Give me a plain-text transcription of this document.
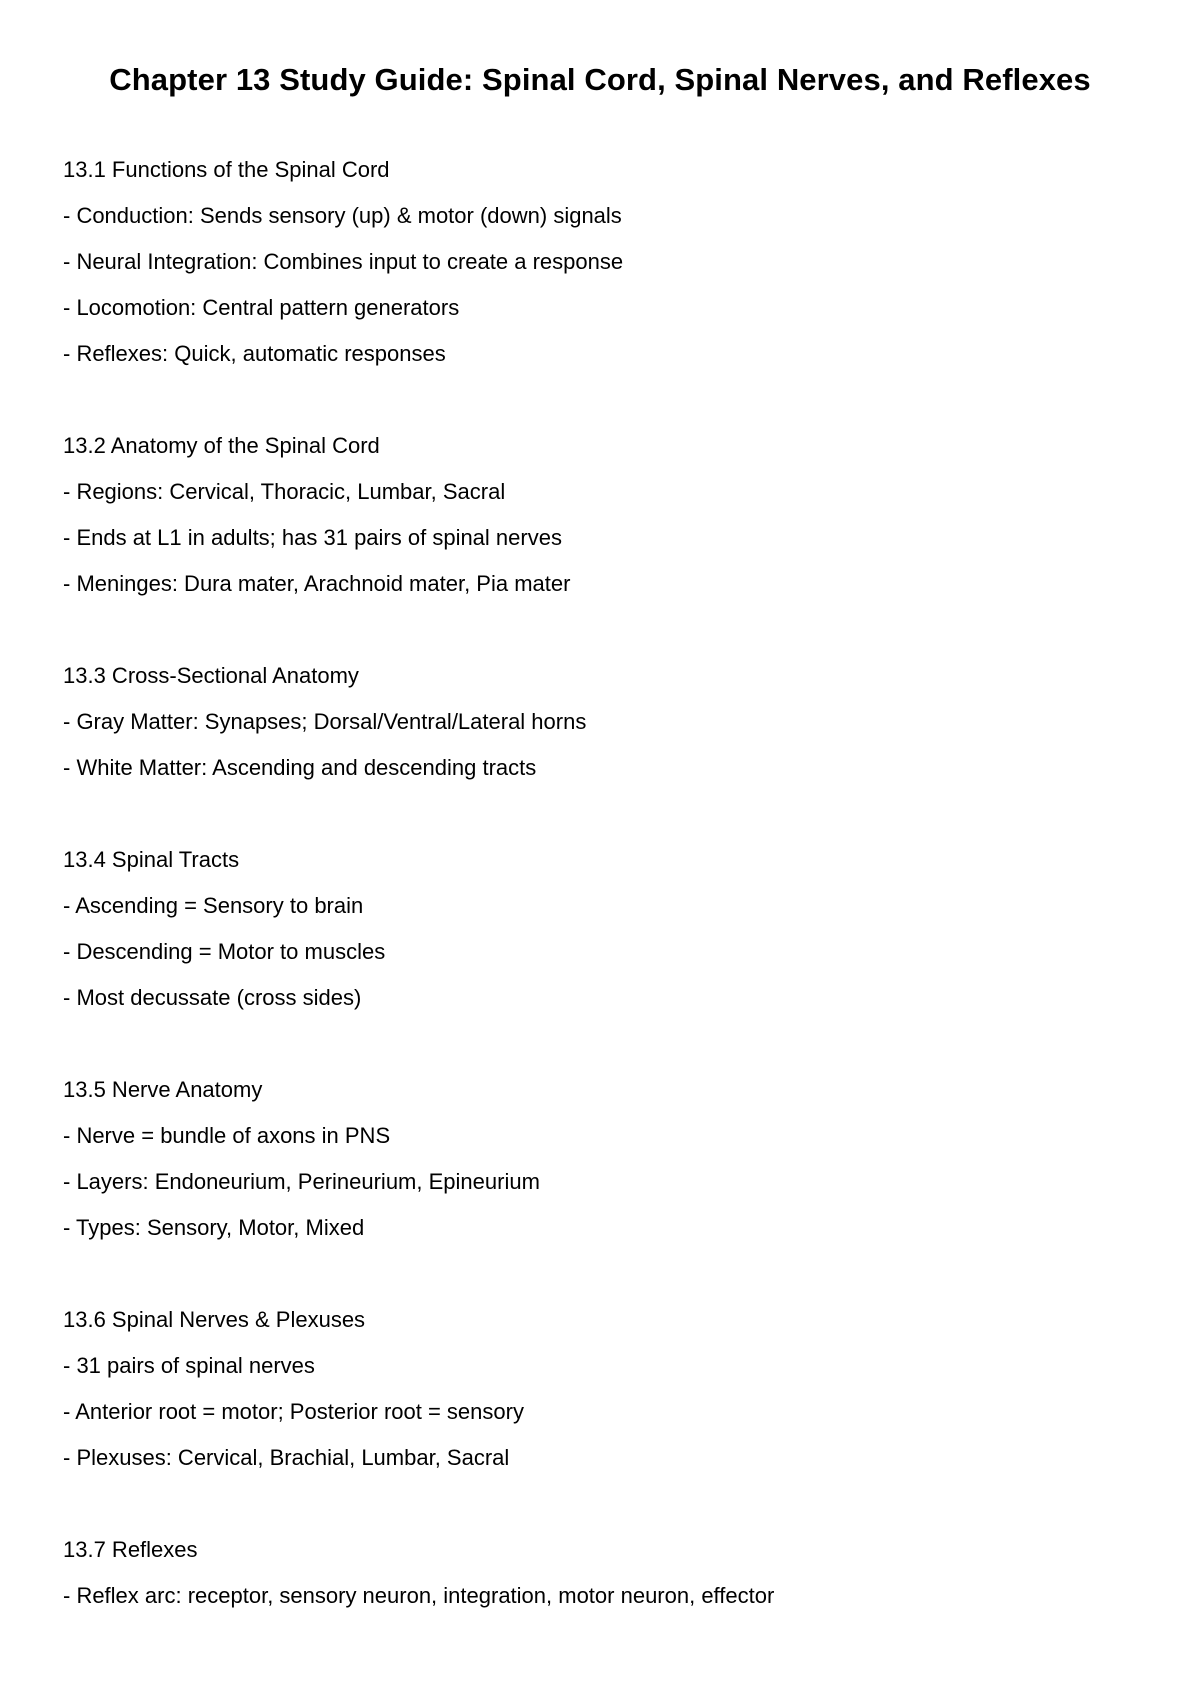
Chapter 13 Study Guide: Spinal Cord, Spinal Nerves, and Reflexes

13.1 Functions of the Spinal Cord

- Conduction: Sends sensory (up) & motor (down) signals

- Neural Integration: Combines input to create a response

- Locomotion: Central pattern generators

- Reflexes: Quick, automatic responses

13.2 Anatomy of the Spinal Cord

- Regions: Cervical, Thoracic, Lumbar, Sacral

- Ends at L1 in adults; has 31 pairs of spinal nerves

- Meninges: Dura mater, Arachnoid mater, Pia mater

13.3 Cross-Sectional Anatomy

- Gray Matter: Synapses; Dorsal/Ventral/Lateral horns

- White Matter: Ascending and descending tracts

13.4 Spinal Tracts

- Ascending = Sensory to brain

- Descending = Motor to muscles

- Most decussate (cross sides)

13.5 Nerve Anatomy

- Nerve = bundle of axons in PNS

- Layers: Endoneurium, Perineurium, Epineurium

- Types: Sensory, Motor, Mixed

13.6 Spinal Nerves & Plexuses

- 31 pairs of spinal nerves

- Anterior root = motor; Posterior root = sensory

- Plexuses: Cervical, Brachial, Lumbar, Sacral

13.7 Reflexes

- Reflex arc: receptor, sensory neuron, integration, motor neuron, effector
